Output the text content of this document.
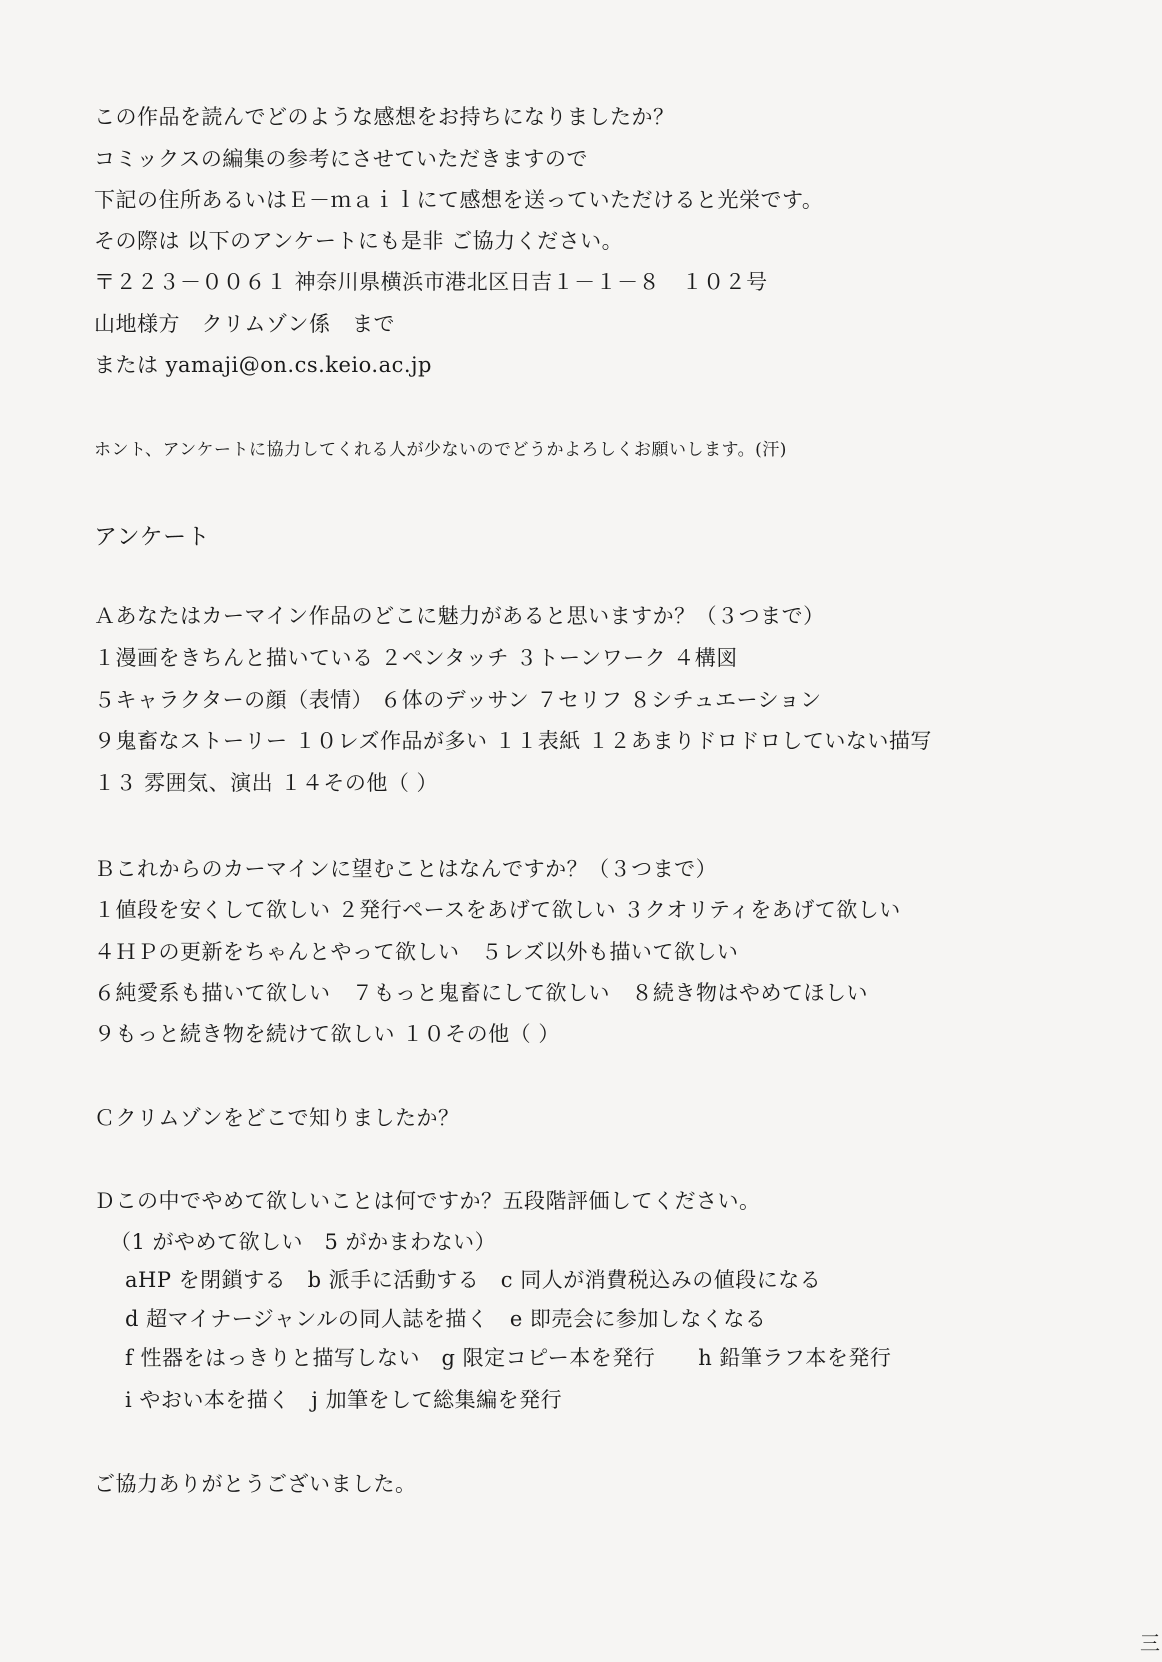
この作品を読んでどのような感想をお持ちになりましたか？
コミックスの編集の参考にさせていただきますので
下記の住所あるいはＥ－ｍａｉｌにて感想を送っていただけると光栄です。
その際は 以下のアンケートにも是非 ご協力ください。
〒２２３－００６１ 神奈川県横浜市港北区日吉１－１－８　１０２号
山地様方　クリムゾン係　まで
または yamaji@on.cs.keio.ac.jp
ホント、アンケートに協力してくれる人が少ないのでどうかよろしくお願いします。(汗)
アンケート
Ａあなたはカーマイン作品のどこに魅力があると思いますか？（３つまで）
１漫画をきちんと描いている ２ペンタッチ ３トーンワーク ４構図
５キャラクターの顔（表情） ６体のデッサン ７セリフ ８シチュエーション
９鬼畜なストーリー １０レズ作品が多い １１表紙 １２あまりドロドロしていない描写
１３ 雰囲気、演出 １４その他（ ）
Ｂこれからのカーマインに望むことはなんですか？（３つまで）
１値段を安くして欲しい ２発行ペースをあげて欲しい ３クオリティをあげて欲しい
４ＨＰの更新をちゃんとやって欲しい　５レズ以外も描いて欲しい
６純愛系も描いて欲しい　７もっと鬼畜にして欲しい　８続き物はやめてほしい
９もっと続き物を続けて欲しい １０その他（ ）
Ｃクリムゾンをどこで知りましたか？
Ｄこの中でやめて欲しいことは何ですか？五段階評価してください。
（1 がやめて欲しい　5 がかまわない）
aHP を閉鎖する　b 派手に活動する　c 同人が消費税込みの値段になる
d 超マイナージャンルの同人誌を描く　e 即売会に参加しなくなる
f 性器をはっきりと描写しない　g 限定コピー本を発行　　h 鉛筆ラフ本を発行
i やおい本を描く　j 加筆をして総集編を発行
ご協力ありがとうございました。
三
